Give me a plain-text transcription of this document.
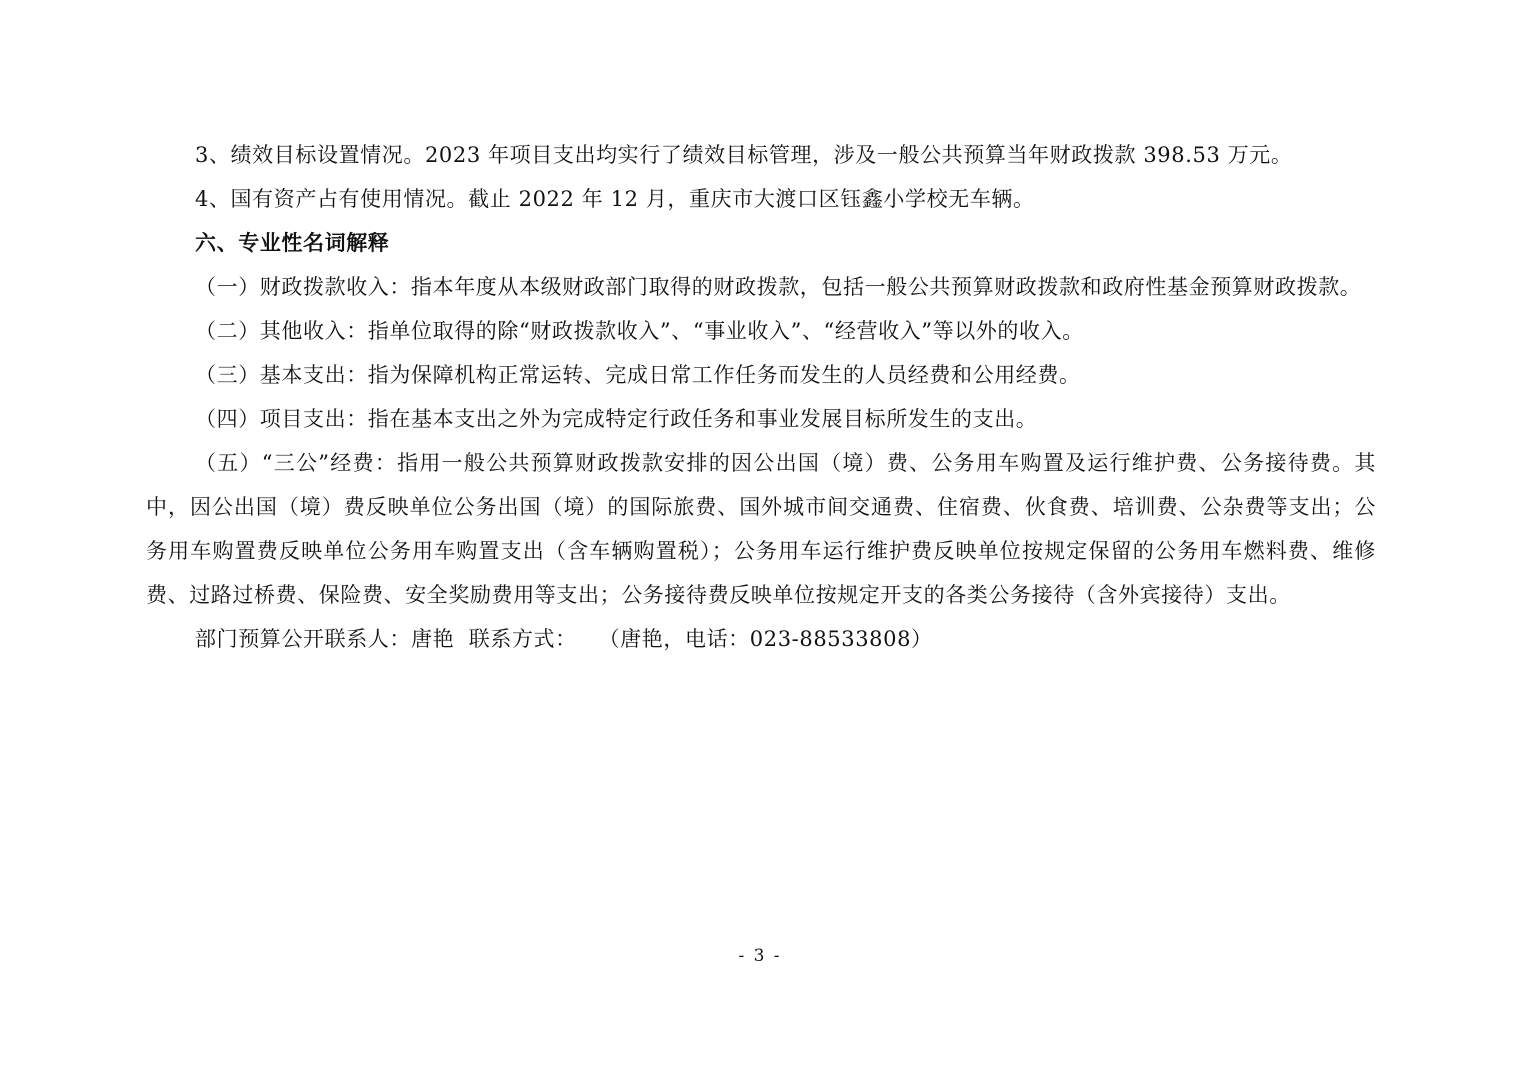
3、绩效目标设置情况。2023 年项目支出均实行了绩效目标管理，涉及一般公共预算当年财政拨款 398.53 万元。

4、国有资产占有使用情况。截止 2022 年 12 月，重庆市大渡口区钰鑫小学校无车辆。

六、专业性名词解释

（一）财政拨款收入：指本年度从本级财政部门取得的财政拨款，包括一般公共预算财政拨款和政府性基金预算财政拨款。

（二）其他收入：指单位取得的除“财政拨款收入”、“事业收入”、“经营收入”等以外的收入。

（三）基本支出：指为保障机构正常运转、完成日常工作任务而发生的人员经费和公用经费。

（四）项目支出：指在基本支出之外为完成特定行政任务和事业发展目标所发生的支出。

（五）“三公”经费：指用一般公共预算财政拨款安排的因公出国（境）费、公务用车购置及运行维护费、公务接待费。其中，因公出国（境）费反映单位公务出国（境）的国际旅费、国外城市间交通费、住宿费、伙食费、培训费、公杂费等支出；公务用车购置费反映单位公务用车购置支出（含车辆购置税）；公务用车运行维护费反映单位按规定保留的公务用车燃料费、维修费、过路过桥费、保险费、安全奖励费用等支出；公务接待费反映单位按规定开支的各类公务接待（含外宾接待）支出。

部门预算公开联系人：唐艳  联系方式：   （唐艳，电话：023-88533808）

- 3 -
